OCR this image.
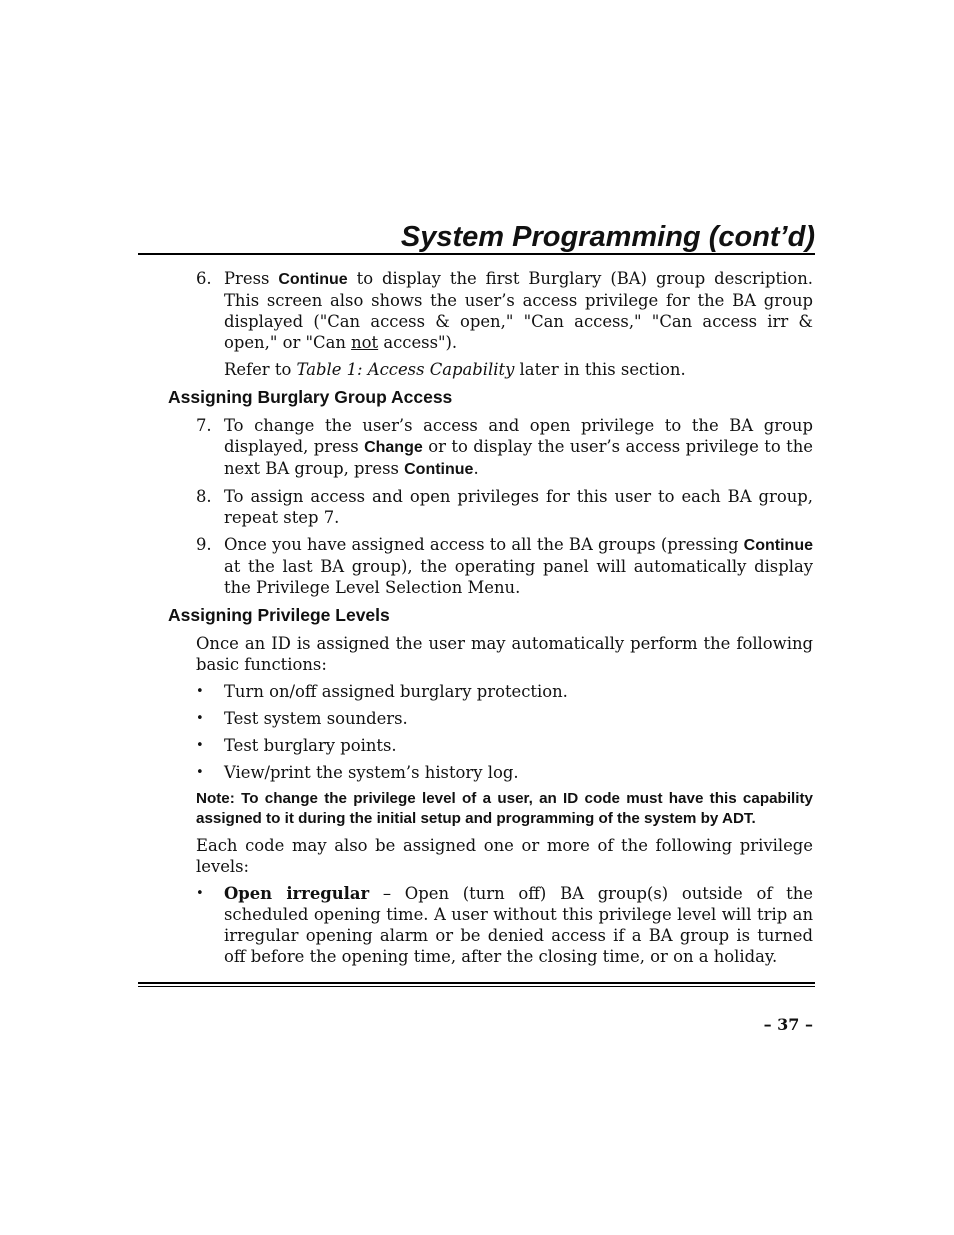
System Programming (cont’d)
6. Press Continue to display the first Burglary (BA) group description. This screen also shows the user’s access privilege for the BA group displayed ("Can access & open," "Can access," "Can access irr & open," or "Can not access").
Refer to Table 1: Access Capability later in this section.
Assigning Burglary Group Access
7. To change the user’s access and open privilege to the BA group displayed, press Change or to display the user’s access privilege to the next BA group, press Continue.
8. To assign access and open privileges for this user to each BA group, repeat step 7.
9. Once you have assigned access to all the BA groups (pressing Continue at the last BA group), the operating panel will automatically display the Privilege Level Selection Menu.
Assigning Privilege Levels
Once an ID is assigned the user may automatically perform the following basic functions:
•	Turn on/off assigned burglary protection.
•	Test system sounders.
•	Test burglary points.
•	View/print the system’s history log.
Note: To change the privilege level of a user, an ID code must have this capability assigned to it during the initial setup and programming of the system by ADT.
Each code may also be assigned one or more of the following privilege levels:
•	Open irregular – Open (turn off) BA group(s) outside of the scheduled opening time. A user without this privilege level will trip an irregular opening alarm or be denied access if a BA group is turned off before the opening time, after the closing time, or on a holiday.
– 37 –
